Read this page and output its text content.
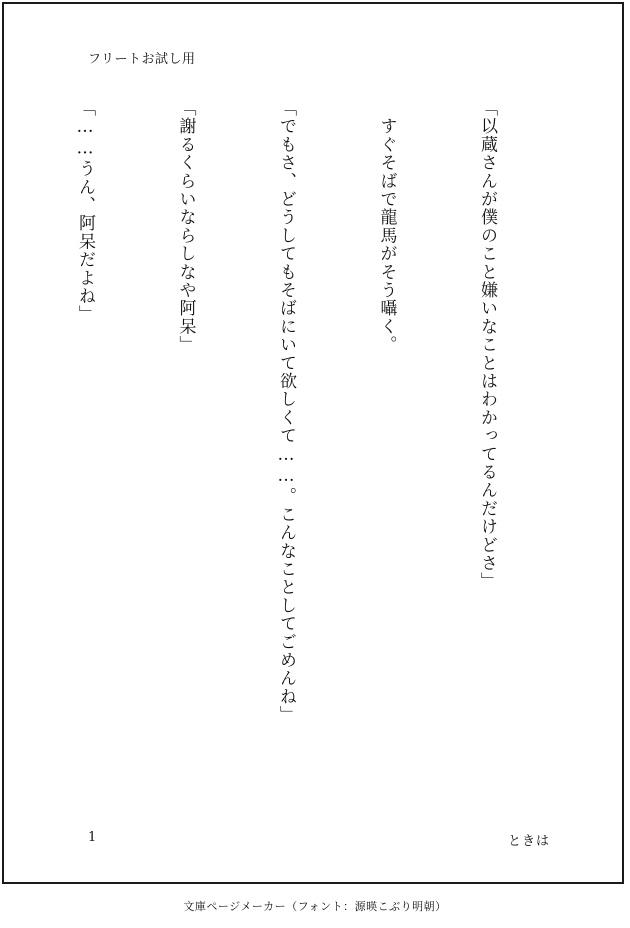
フリートお試し用

「以蔵さんが僕のこと嫌いなことはわかってるんだけどさ」

　すぐそばで龍馬がそう囁く。

「でもさ、どうしてもそばにいて欲しくて……。こんなことしてごめんね」

「謝るくらいならしなや阿呆」

「……うん、阿呆だよね」

1	ときは
文庫ページメーカー（フォント：源暎こぶり明朝）
